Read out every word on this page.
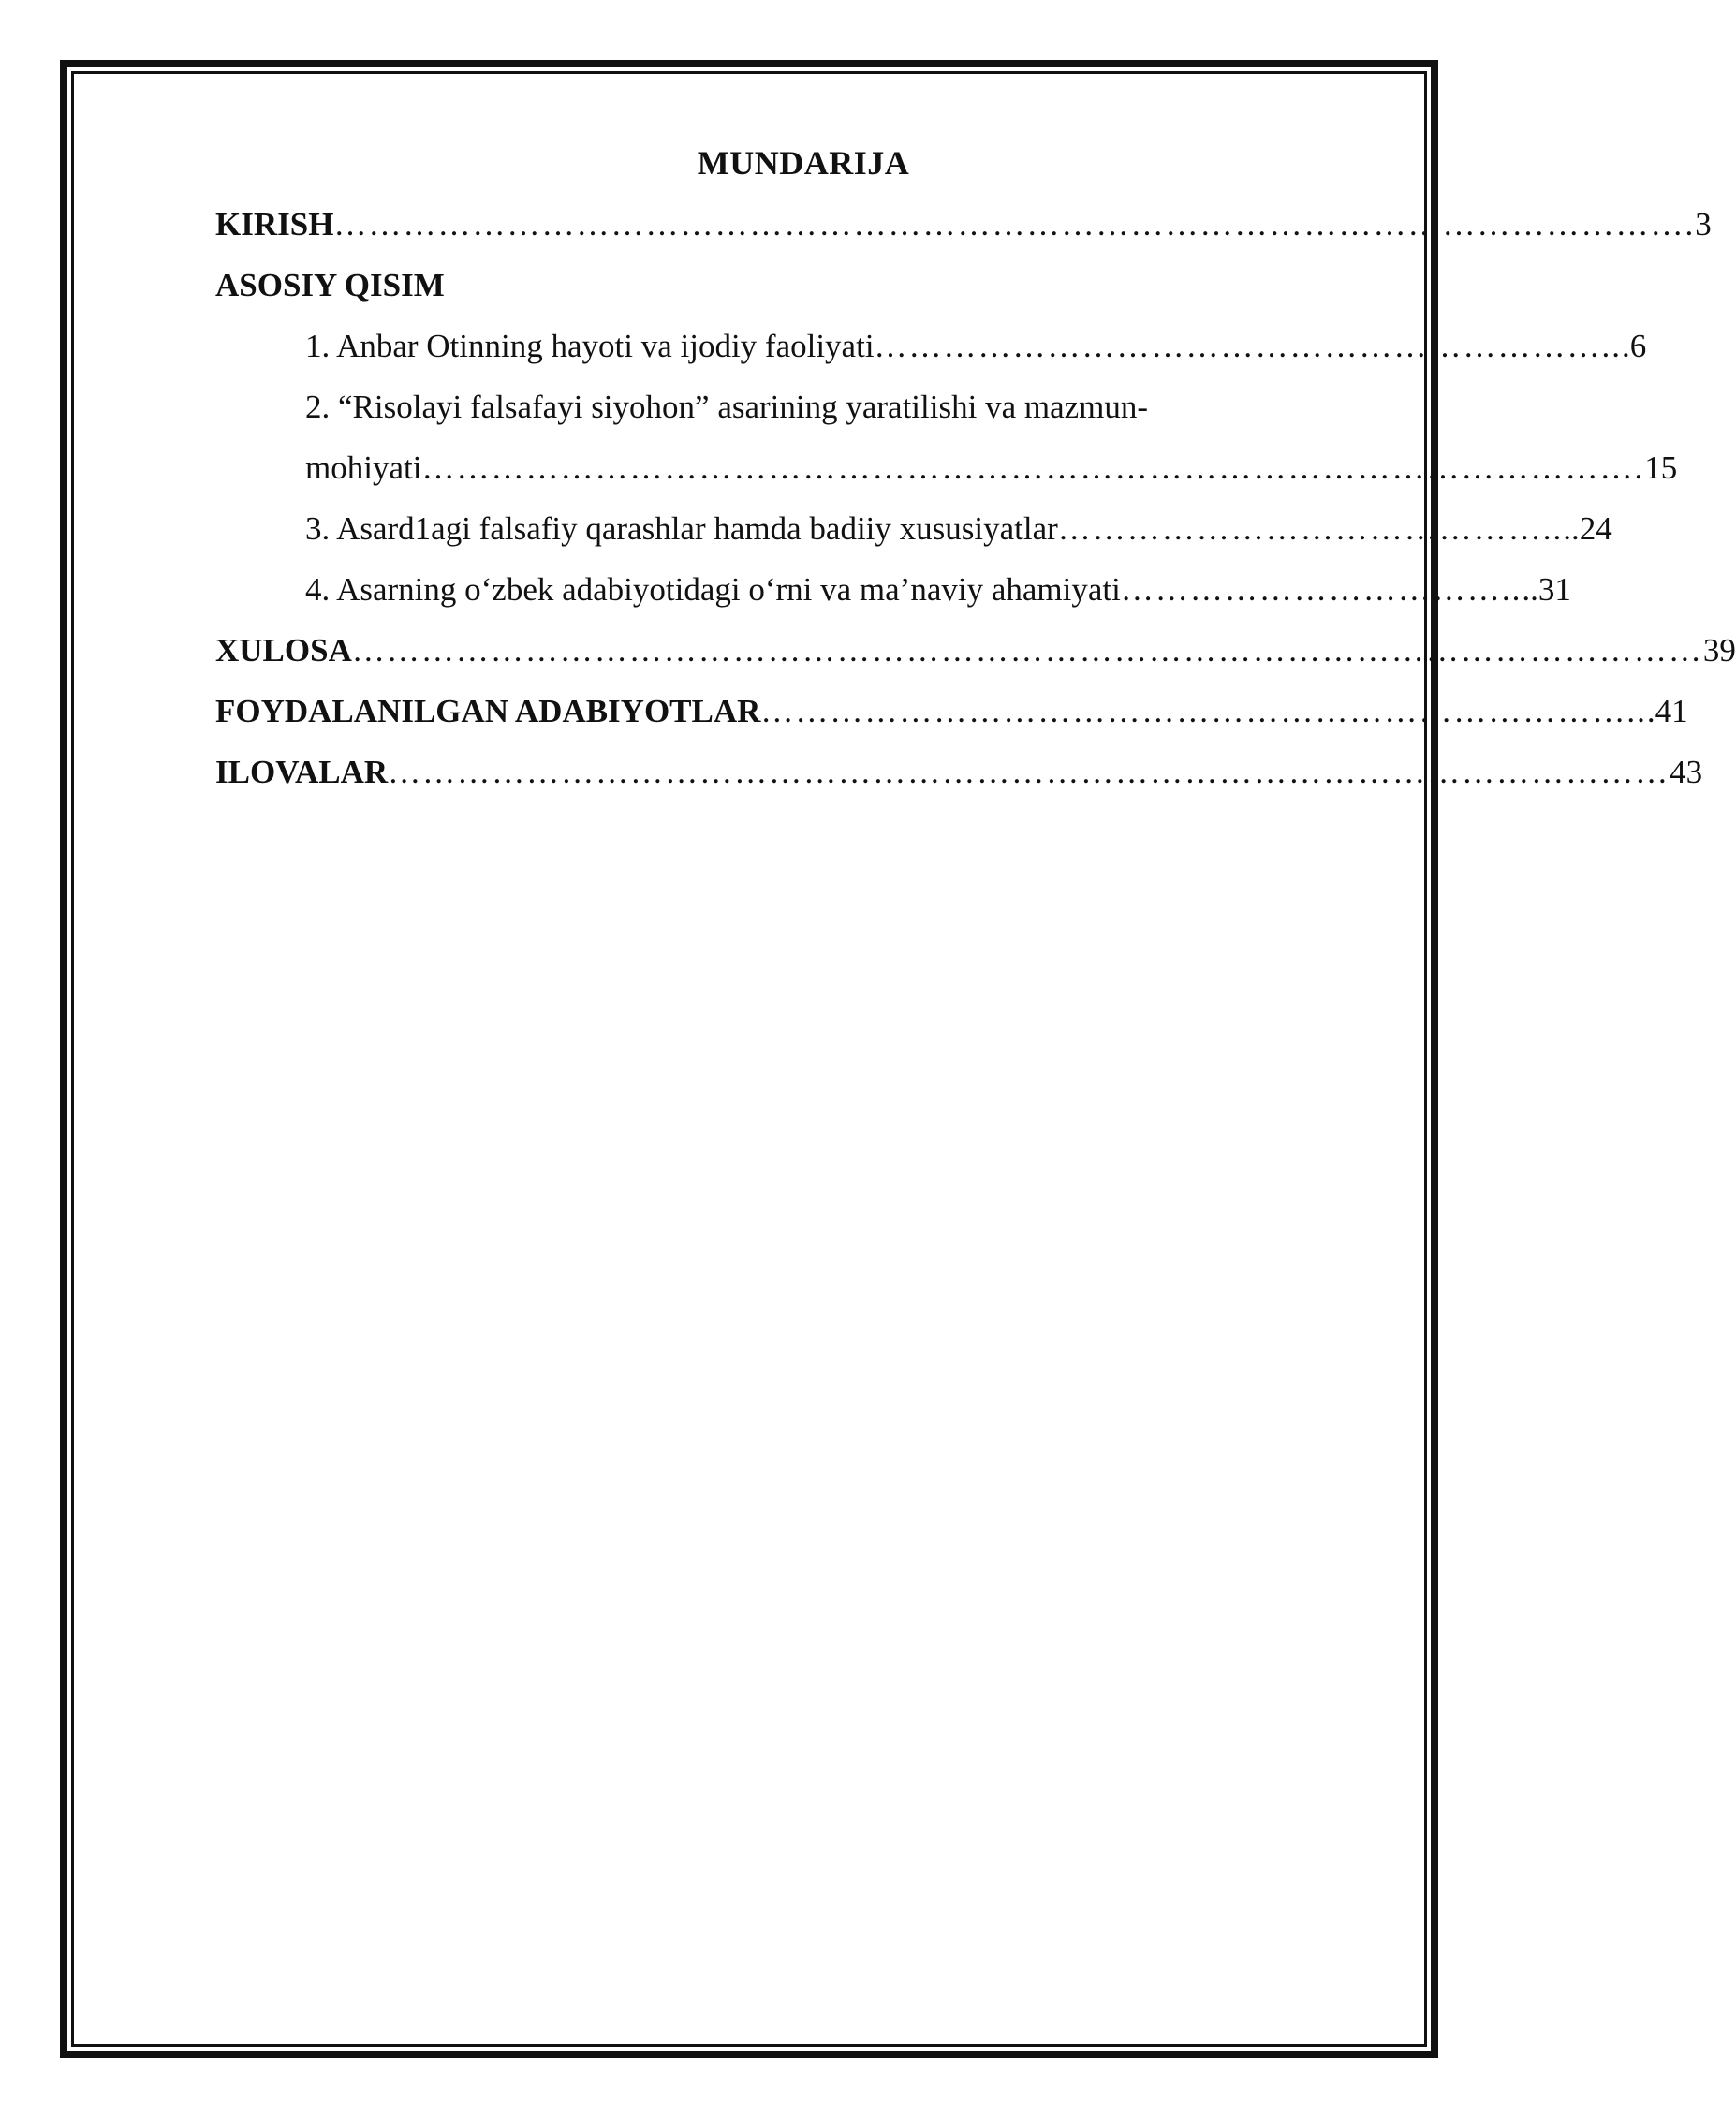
MUNDARIJA
KIRISH ………………………………………………………………………………………………………. 3
ASOSIY QISIM
1. Anbar Otinning hayoti va ijodiy faoliyati ……………………………………………………….. .6
2. “Risolayi falsafayi siyohon” asarining yaratilishi va mazmun-
mohiyati ……………………………………………………………………………………………. 15
3. Asard1agi falsafiy qarashlar hamda badiiy xususiyatlar …………………………………….. ..24
4. Asarning o‘zbek adabiyotidagi o‘rni va ma’naviy ahamiyati …………………………….. ..31
XULOSA ……………………………………………………………………………………………………… 39
FOYDALANILGAN ADABIYOTLAR ………………………………………………………………….. .41
ILOVALAR ………………………………………………………………………………………………… 43
